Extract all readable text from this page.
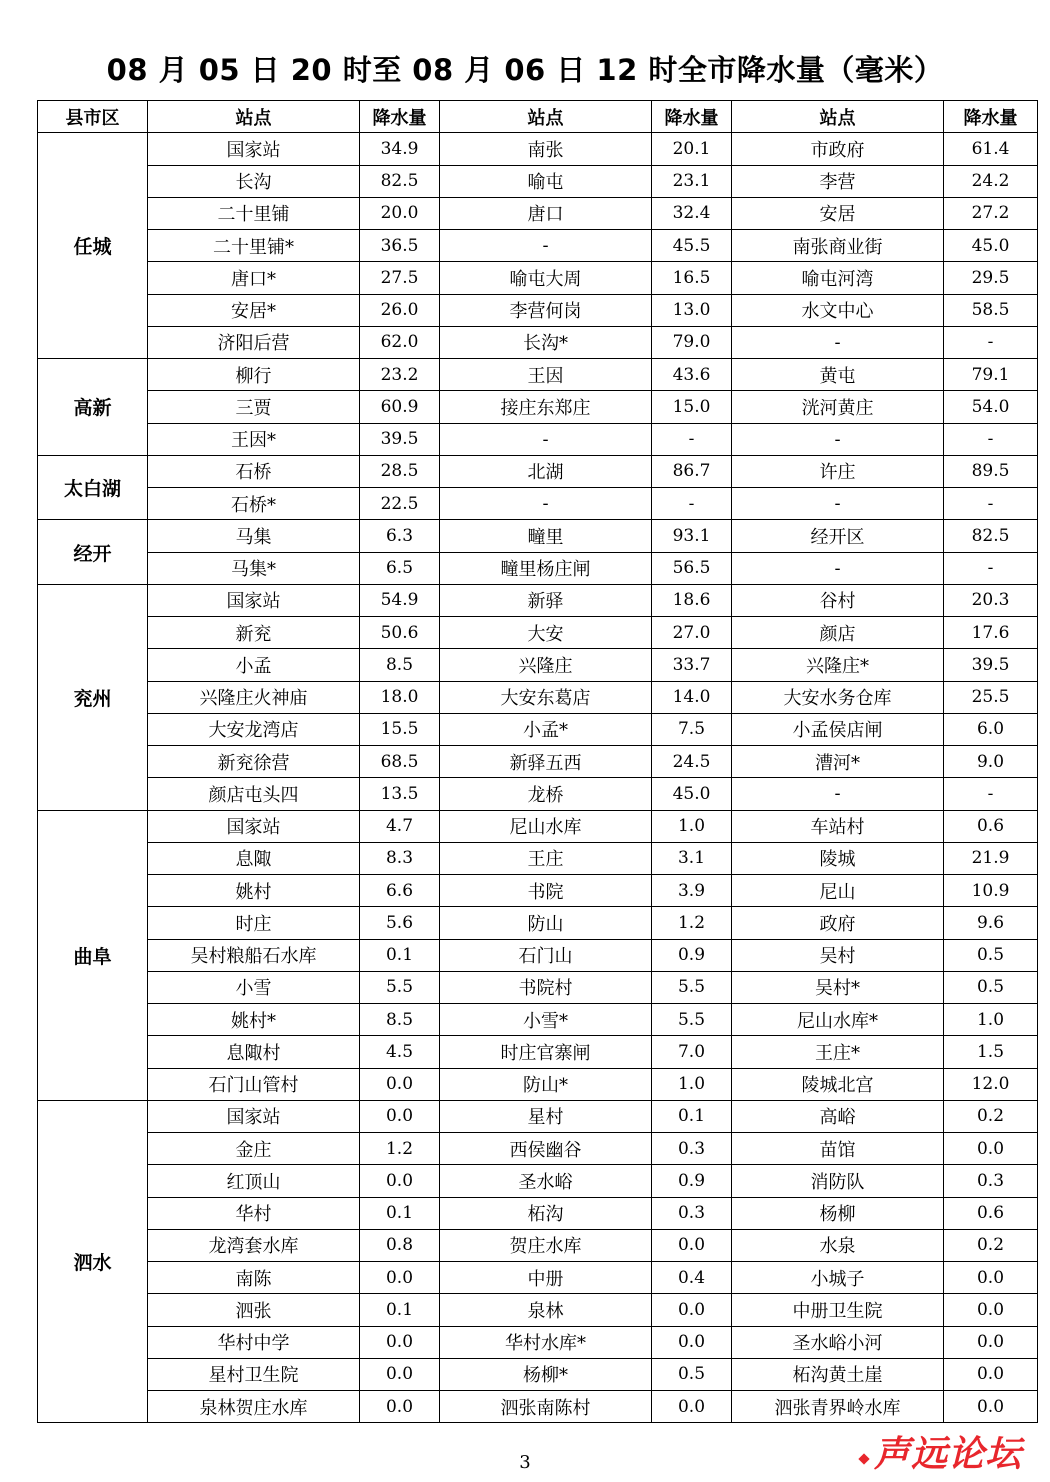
08 月 05 日 20 时至 08 月 06 日 12 时全市降水量（毫米）
县市区	站点	降水量	站点	降水量	站点	降水量
任城	国家站	34.9	南张	20.1	市政府	61.4
	长沟	82.5	喻屯	23.1	李营	24.2
	二十里铺	20.0	唐口	32.4	安居	27.2
	二十里铺*	36.5	-	45.5	南张商业街	45.0
	唐口*	27.5	喻屯大周	16.5	喻屯河湾	29.5
	安居*	26.0	李营何岗	13.0	水文中心	58.5
	济阳后营	62.0	长沟*	79.0	-	-
高新	柳行	23.2	王因	43.6	黄屯	79.1
	三贾	60.9	接庄东郑庄	15.0	洸河黄庄	54.0
	王因*	39.5	-	-	-	-
太白湖	石桥	28.5	北湖	86.7	许庄	89.5
	石桥*	22.5	-	-	-	-
经开	马集	6.3	疃里	93.1	经开区	82.5
	马集*	6.5	疃里杨庄闸	56.5	-	-
兖州	国家站	54.9	新驿	18.6	谷村	20.3
	新兖	50.6	大安	27.0	颜店	17.6
	小孟	8.5	兴隆庄	33.7	兴隆庄*	39.5
	兴隆庄火神庙	18.0	大安东葛店	14.0	大安水务仓库	25.5
	大安龙湾店	15.5	小孟*	7.5	小孟侯店闸	6.0
	新兖徐营	68.5	新驿五西	24.5	漕河*	9.0
	颜店屯头四	13.5	龙桥	45.0	-	-
曲阜	国家站	4.7	尼山水库	1.0	车站村	0.6
	息陬	8.3	王庄	3.1	陵城	21.9
	姚村	6.6	书院	3.9	尼山	10.9
	时庄	5.6	防山	1.2	政府	9.6
	吴村粮船石水库	0.1	石门山	0.9	吴村	0.5
	小雪	5.5	书院村	5.5	吴村*	0.5
	姚村*	8.5	小雪*	5.5	尼山水库*	1.0
	息陬村	4.5	时庄官寨闸	7.0	王庄*	1.5
	石门山管村	0.0	防山*	1.0	陵城北宫	12.0
泗水	国家站	0.0	星村	0.1	高峪	0.2
	金庄	1.2	西侯幽谷	0.3	苗馆	0.0
	红顶山	0.0	圣水峪	0.9	消防队	0.3
	华村	0.1	柘沟	0.3	杨柳	0.6
	龙湾套水库	0.8	贺庄水库	0.0	水泉	0.2
	南陈	0.0	中册	0.4	小城子	0.0
	泗张	0.1	泉林	0.0	中册卫生院	0.0
	华村中学	0.0	华村水库*	0.0	圣水峪小河	0.0
	星村卫生院	0.0	杨柳*	0.5	柘沟黄土崖	0.0
	泉林贺庄水库	0.0	泗张南陈村	0.0	泗张青界岭水库	0.0
3	声远论坛
